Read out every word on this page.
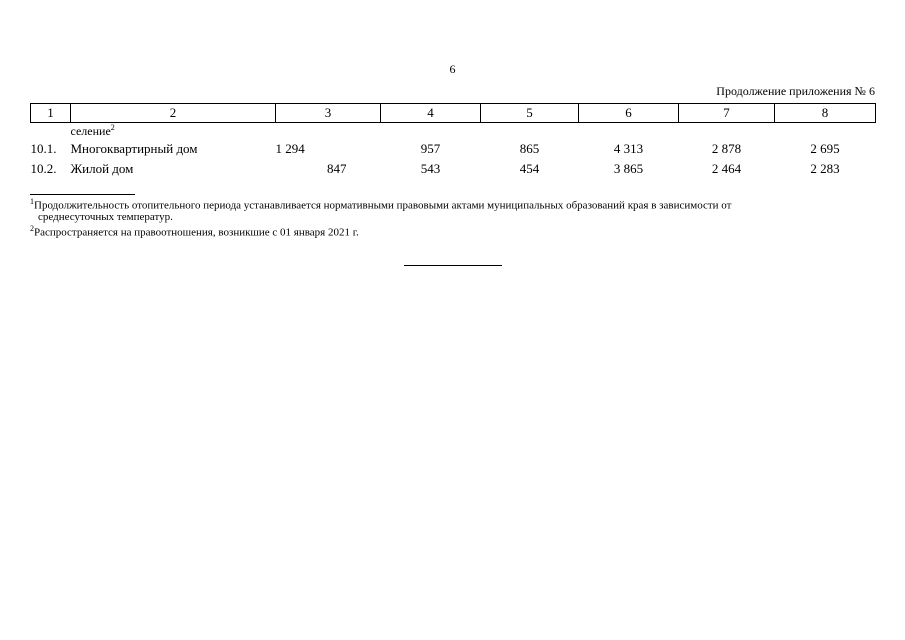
6
Продолжение приложения № 6
1	2	3	4	5	6	7	8
	селение$^2$						
10.1.	Многоквартирный дом	1 294	957	865	4 313	2 878	2 695
10.2.	Жилой дом	847	543	454	3 865	2 464	2 283
$^1$Продолжительность отопительного периода устанавливается нормативными правовыми актами муниципальных образований края в зависимости от
среднесуточных температур.
$^2$Распространяется на правоотношения, возникшие с 01 января 2021 г.
